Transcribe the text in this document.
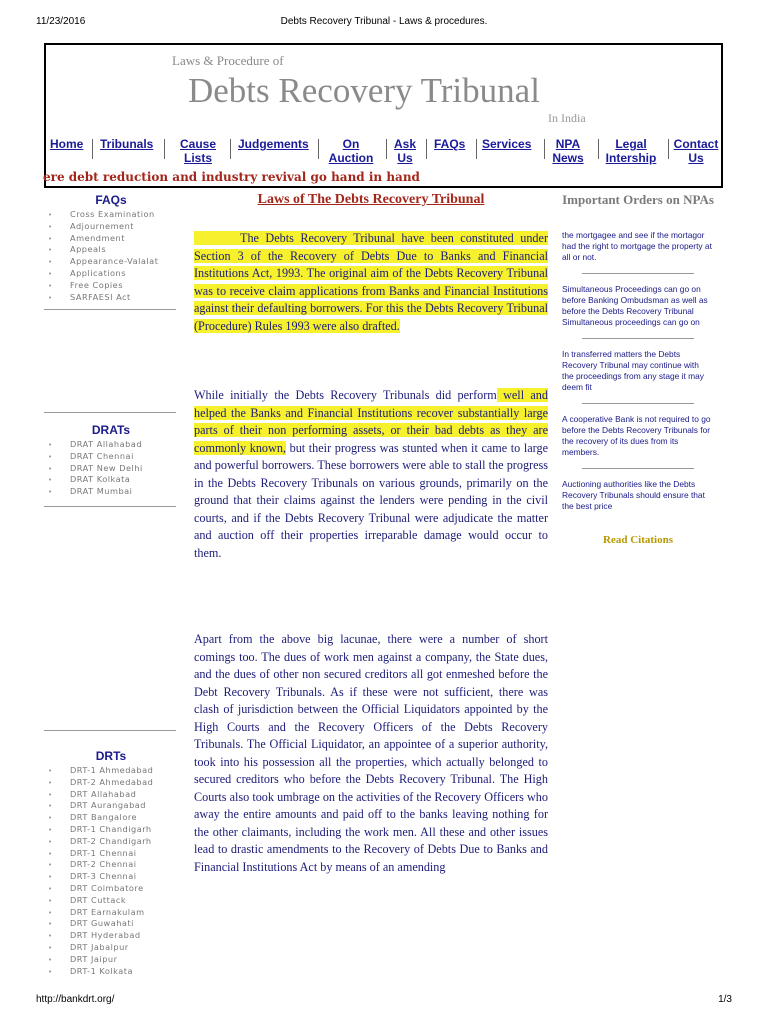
11/23/2016	Debts Recovery Tribunal - Laws & procedures.
Laws & Procedure of
Debts Recovery Tribunal
In India
Home Tribunals	Cause
Lists
Judgements	On
Auction
Ask
Us
FAQs Services	NPA
News
Legal
Intership
Contact
Us
ere debt reduction and industry revival go hand in hand
FAQs
• Cross Examination
• Adjournement
• Amendment
• Appeals
• Appearance-Valalat
• Applications
• Free Copies
• SARFAESI Act
DRATs
• DRAT Allahabad
• DRAT Chennai
• DRAT New Delhi
• DRAT Kolkata
• DRAT Mumbai
DRTs
• DRT-1 Ahmedabad
• DRT-2 Ahmedabad
• DRT Allahabad
• DRT Aurangabad
• DRT Bangalore
• DRT-1 Chandigarh
• DRT-2 Chandigarh
• DRT-1 Chennai
• DRT-2 Chennai
• DRT-3 Chennai
• DRT Coimbatore
• DRT Cuttack
• DRT Earnakulam
• DRT Guwahati
• DRT Hyderabad
• DRT Jabalpur
• DRT Jaipur
• DRT-1 Kolkata
Laws of The Debts Recovery Tribunal

The Debts Recovery Tribunal have been constituted under Section 3 of the Recovery of Debts Due to Banks and Financial Institutions Act, 1993. The original aim of the Debts Recovery Tribunal was to receive claim applications from Banks and Financial Institutions against their defaulting borrowers. For this the Debts Recovery Tribunal (Procedure) Rules 1993 were also drafted.

While initially the Debts Recovery Tribunals did perform well and helped the Banks and Financial Institutions recover substantially large parts of their non performing assets, or their bad debts as they are commonly known, but their progress was stunted when it came to large and powerful borrowers. These borrowers were able to stall the progress in the Debts Recovery Tribunals on various grounds, primarily on the ground that their claims against the lenders were pending in the civil courts, and if the Debts Recovery Tribunal were adjudicate the matter and auction off their properties irreparable damage would occur to them.

Apart from the above big lacunae, there were a number of short comings too. The dues of work men against a company, the State dues, and the dues of other non secured creditors all got enmeshed before the Debt Recovery Tribunals. As if these were not sufficient, there was clash of jurisdiction between the Official Liquidators appointed by the High Courts and the Recovery Officers of the Debts Recovery Tribunals. The Official Liquidator, an appointee of a superior authority, took into his possession all the properties, which actually belonged to secured creditors who before the Debts Recovery Tribunal. The High Courts also took umbrage on the activities of the Recovery Officers who away the entire amounts and paid off to the banks leaving nothing for the other claimants, including the work men. All these and other issues lead to drastic amendments to the Recovery of Debts Due to Banks and Financial Institutions Act by means of an amending

Important Orders on NPAs
the mortgagee and see if the mortagor had the right to mortgage the property at all or not.
Simultaneous Proceedings can go on before Banking Ombudsman as well as before the Debts Recovery Tribunal Simultaneous proceedings can go on
In transferred matters the Debts Recovery Tribunal may continue with the proceedings from any stage it may deem fit
A cooperative Bank is not required to go before the Debts Recovery Tribunals for the recovery of its dues from its members.
Auctioning authorities like the Debts Recovery Tribunals should ensure that the best price
Read Citations
http://bankdrt.org/	1/3
